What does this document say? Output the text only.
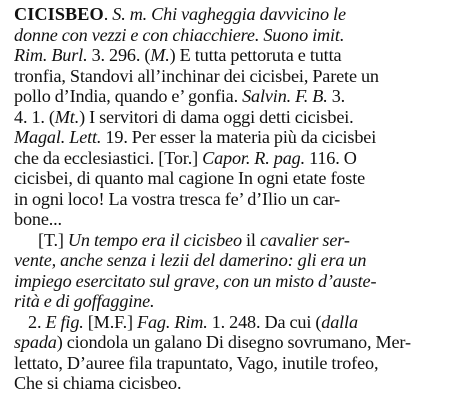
CICISBEO. S. m. Chi vagheggia davvicino le
donne con vezzi e con chiacchiere. Suono imit.
Rim. Burl. 3. 296. (M.) E tutta pettoruta e tutta
tronfia, Standovi all’inchinar dei cicisbei, Parete un
pollo d’India, quando e’ gonfia. Salvin. F. B. 3.
4. 1. (Mt.) I servitori di dama oggi detti cicisbei.
Magal. Lett. 19. Per esser la materia più da cicisbei
che da ecclesiastici. [Tor.] Capor. R. pag. 116. O
cicisbei, di quanto mal cagione In ogni etate foste
in ogni loco! La vostra tresca fe’ d’Ilio un car-
bone...
[T.] Un tempo era il cicisbeo il cavalier ser-
vente, anche senza i lezii del damerino: gli era un
impiego esercitato sul grave, con un misto d’auste-
rità e di goffaggine.
2. E fig. [M.F.] Fag. Rim. 1. 248. Da cui (dalla
spada) ciondola un galano Di disegno sovrumano, Mer-
lettato, D’auree fila trapuntato, Vago, inutile trofeo,
Che si chiama cicisbeo.
